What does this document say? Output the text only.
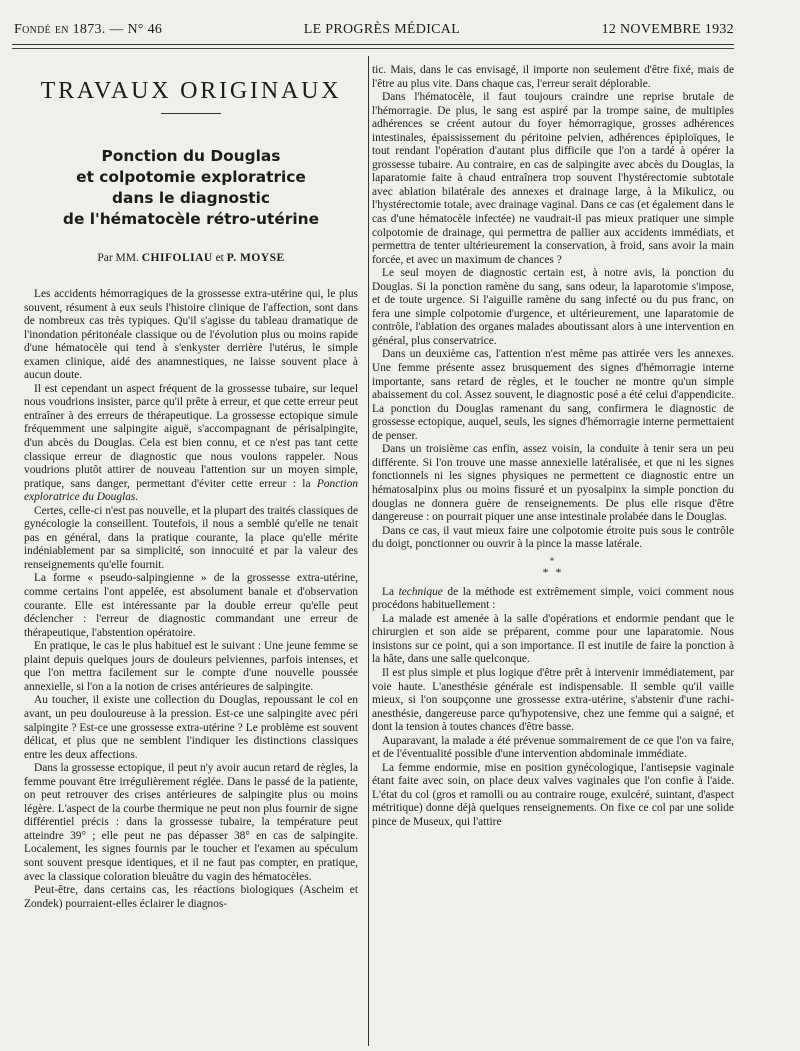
Fondé en 1873. — N° 46	LE PROGRÈS MÉDICAL	12 NOVEMBRE 1932
TRAVAUX ORIGINAUX
Ponction du Douglas
et colpotomie exploratrice
dans le diagnostic
de l'hématocèle rétro-utérine
Par MM. CHIFOLIAU et P. MOYSE

Les accidents hémorragiques de la grossesse extra-utérine qui, le plus souvent, résument à eux seuls l'histoire clinique de l'affection, sont dans de nombreux cas très typiques. Qu'il s'agisse du tableau dramatique de l'inondation péritonéale classique ou de l'évolution plus ou moins rapide d'une hématocèle qui tend à s'enkyster derrière l'utérus, le simple examen clinique, aidé des anamnestiques, ne laisse souvent place à aucun doute.

Il est cependant un aspect fréquent de la grossesse tubaire, sur lequel nous voudrions insister, parce qu'il prête à erreur, et que cette erreur peut entraîner à des erreurs de thérapeutique. La grossesse ectopique simule fréquemment une salpingite aiguë, s'accompagnant de périsalpingite, d'un abcès du Douglas. Cela est bien connu, et ce n'est pas tant cette classique erreur de diagnostic que nous voulons rappeler. Nous voudrions plutôt attirer de nouveau l'attention sur un moyen simple, pratique, sans danger, permettant d'éviter cette erreur : la Ponction exploratrice du Douglas.

Certes, celle-ci n'est pas nouvelle, et la plupart des traités classiques de gynécologie la conseillent. Toutefois, il nous a semblé qu'elle ne tenait pas en général, dans la pratique courante, la place qu'elle mérite indéniablement par sa simplicité, son innocuité et par la valeur des renseignements qu'elle fournit.

La forme « pseudo-salpingienne » de la grossesse extra-utérine, comme certains l'ont appelée, est absolument banale et d'observation courante. Elle est intéressante par la double erreur qu'elle peut déclencher : l'erreur de diagnostic commandant une erreur de thérapeutique, l'abstention opératoire.

En pratique, le cas le plus habituel est le suivant : Une jeune femme se plaint depuis quelques jours de douleurs pelviennes, parfois intenses, et que l'on mettra facilement sur le compte d'une nouvelle poussée annexielle, si l'on a la notion de crises antérieures de salpingite.

Au toucher, il existe une collection du Douglas, repoussant le col en avant, un peu douloureuse à la pression. Est-ce une salpingite avec péri salpingite ? Est-ce une grossesse extra-utérine ? Le problème est souvent délicat, et plus que ne semblent l'indiquer les distinctions classiques entre les deux affections.

Dans la grossesse ectopique, il peut n'y avoir aucun retard de règles, la femme pouvant être irrégulièrement réglée. Dans le passé de la patiente, on peut retrouver des crises antérieures de salpingite plus ou moins légère. L'aspect de la courbe thermique ne peut non plus fournir de signe différentiel précis : dans la grossesse tubaire, la température peut atteindre 39° ; elle peut ne pas dépasser 38° en cas de salpingite. Localement, les signes fournis par le toucher et l'examen au spéculum sont souvent presque identiques, et il ne faut pas compter, en pratique, avec la classique coloration bleuâtre du vagin des hématocèles.

Peut-être, dans certains cas, les réactions biologiques (Ascheim et Zondek) pourraient-elles éclairer le diagnos-

tic. Mais, dans le cas envisagé, il importe non seulement d'être fixé, mais de l'être au plus vite. Dans chaque cas, l'erreur serait déplorable.

Dans l'hématocèle, il faut toujours craindre une reprise brutale de l'hémorragie. De plus, le sang est aspiré par la trompe saine, de multiples adhérences se créent autour du foyer hémorragique, grosses adhérences intestinales, épaississement du péritoine pelvien, adhérences épiploïques, le tout rendant l'opération d'autant plus difficile que l'on a tardé à opérer la grossesse tubaire. Au contraire, en cas de salpingite avec abcès du Douglas, la laparatomie faite à chaud entraînera trop souvent l'hystérectomie subtotale avec ablation bilatérale des annexes et drainage large, à la Mikulicz, ou l'hystérectomie totale, avec drainage vaginal. Dans ce cas (et également dans le cas d'une hématocèle infectée) ne vaudrait-il pas mieux pratiquer une simple colpotomie de drainage, qui permettra de pallier aux accidents immédiats, et permettra de tenter ultérieurement la conservation, à froid, sans avoir la main forcée, et avec un maximum de chances ?

Le seul moyen de diagnostic certain est, à notre avis, la ponction du Douglas. Si la ponction ramène du sang, sans odeur, la laparotomie s'impose, et de toute urgence. Si l'aiguille ramène du sang infecté ou du pus franc, on fera une simple colpotomie d'urgence, et ultérieurement, une laparatomie de contrôle, l'ablation des organes malades aboutissant alors à une intervention en général, plus conservatrice.

Dans un deuxième cas, l'attention n'est même pas attirée vers les annexes. Une femme présente assez brusquement des signes d'hémorragie interne importante, sans retard de règles, et le toucher ne montre qu'un simple abaissement du col. Assez souvent, le diagnostic posé a été celui d'appendicite. La ponction du Douglas ramenant du sang, confirmera le diagnostic de grossesse ectopique, auquel, seuls, les signes d'hémorragie interne permettaient de penser.

Dans un troisième cas enfin, assez voisin, la conduite à tenir sera un peu différente. Si l'on trouve une masse annexielle latéralisée, et que ni les signes fonctionnels ni les signes physiques ne permettent ce diagnostic entre un hématosalpinx plus ou moins fissuré et un pyosalpinx la simple ponction du douglas ne donnera guère de renseignements. De plus elle risque d'être dangereuse : on pourrait piquer une anse intestinale prolabée dans le Douglas.

Dans ce cas, il vaut mieux faire une colpotomie étroite puis sous le contrôle du doigt, ponctionner ou ouvrir à la pince la masse latérale.

*
* *

La technique de la méthode est extrêmement simple, voici comment nous procédons habituellement :

La malade est amenée à la salle d'opérations et endormie pendant que le chirurgien et son aide se préparent, comme pour une laparatomie. Nous insistons sur ce point, qui a son importance. Il est inutile de faire la ponction à la hâte, dans une salle quelconque.

Il est plus simple et plus logique d'être prêt à intervenir immédiatement, par voie haute. L'anesthésie générale est indispensable. Il semble qu'il vaille mieux, si l'on soupçonne une grossesse extra-utérine, s'abstenir d'une rachi-anesthésie, dangereuse parce qu'hypotensive, chez une femme qui a saigné, et dont la tension à toutes chances d'être basse.

Auparavant, la malade a été prévenue sommairement de ce que l'on va faire, et de l'éventualité possible d'une intervention abdominale immédiate.

La femme endormie, mise en position gynécologique, l'antisepsie vaginale étant faite avec soin, on place deux valves vaginales que l'on confie à l'aide. L'état du col (gros et ramolli ou au contraire rouge, exulcéré, suintant, d'aspect métritique) donne déjà quelques renseignements. On fixe ce col par une solide pince de Museux, qui l'attire
